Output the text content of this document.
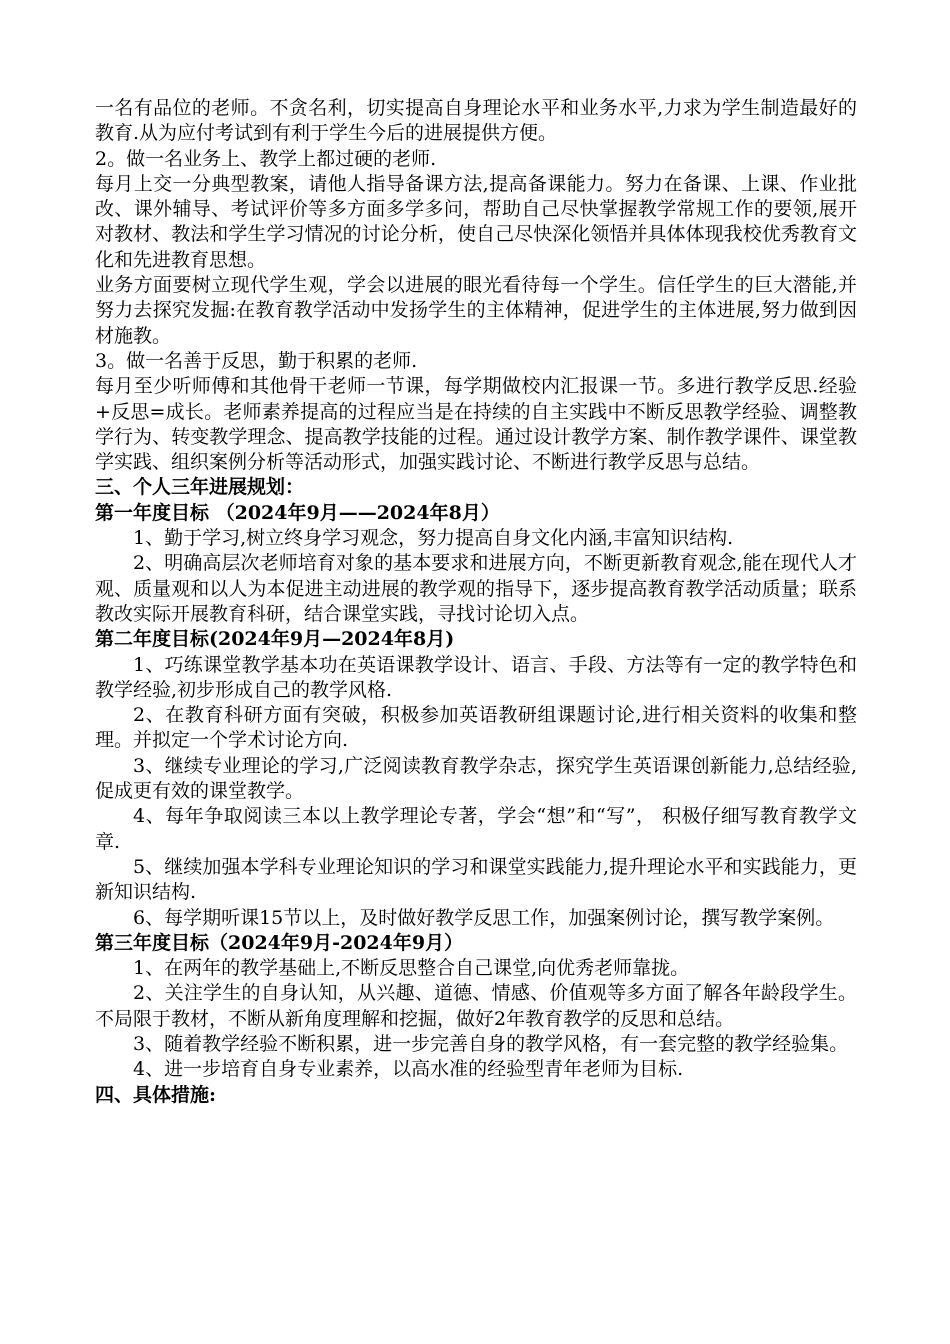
一名有品位的老师。不贪名利，切实提高自身理论水平和业务水平,力求为学生制造最好的教育.从为应付考试到有利于学生今后的进展提供方便。

2。做一名业务上、教学上都过硬的老师.

每月上交一分典型教案，请他人指导备课方法,提高备课能力。努力在备课、上课、作业批改、课外辅导、考试评价等多方面多学多问，帮助自己尽快掌握教学常规工作的要领,展开对教材、教法和学生学习情况的讨论分析，使自己尽快深化领悟并具体体现我校优秀教育文化和先进教育思想。

业务方面要树立现代学生观，学会以进展的眼光看待每一个学生。信任学生的巨大潜能,并努力去探究发掘:在教育教学活动中发扬学生的主体精神，促进学生的主体进展,努力做到因材施教。

3。做一名善于反思，勤于积累的老师.

每月至少听师傅和其他骨干老师一节课，每学期做校内汇报课一节。多进行教学反思.经验+反思=成长。老师素养提高的过程应当是在持续的自主实践中不断反思教学经验、调整教学行为、转变教学理念、提高教学技能的过程。通过设计教学方案、制作教学课件、课堂教学实践、组织案例分析等活动形式，加强实践讨论、不断进行教学反思与总结。

三、个人三年进展规划：

第一年度目标 （2024年9月——2024年8月）

1、勤于学习,树立终身学习观念，努力提高自身文化内涵,丰富知识结构.

2、明确高层次老师培育对象的基本要求和进展方向，不断更新教育观念,能在现代人才观、质量观和以人为本促进主动进展的教学观的指导下，逐步提高教育教学活动质量；联系教改实际开展教育科研，结合课堂实践，寻找讨论切入点。

第二年度目标(2024年9月—2024年8月)

1、巧练课堂教学基本功在英语课教学设计、语言、手段、方法等有一定的教学特色和教学经验,初步形成自己的教学风格.

2、在教育科研方面有突破，积极参加英语教研组课题讨论,进行相关资料的收集和整理。并拟定一个学术讨论方向.

3、继续专业理论的学习,广泛阅读教育教学杂志，探究学生英语课创新能力,总结经验,促成更有效的课堂教学。

4、每年争取阅读三本以上教学理论专著，学会“想”和“写”， 积极仔细写教育教学文章.

5、继续加强本学科专业理论知识的学习和课堂实践能力,提升理论水平和实践能力，更新知识结构.

6、每学期听课15节以上，及时做好教学反思工作，加强案例讨论，撰写教学案例。

第三年度目标（2024年9月-2024年9月）

1、在两年的教学基础上,不断反思整合自己课堂,向优秀老师靠拢。

2、关注学生的自身认知，从兴趣、道德、情感、价值观等多方面了解各年龄段学生。不局限于教材，不断从新角度理解和挖掘，做好2年教育教学的反思和总结。

3、随着教学经验不断积累，进一步完善自身的教学风格，有一套完整的教学经验集。

4、进一步培育自身专业素养，以高水准的经验型青年老师为目标.

四、具体措施:
